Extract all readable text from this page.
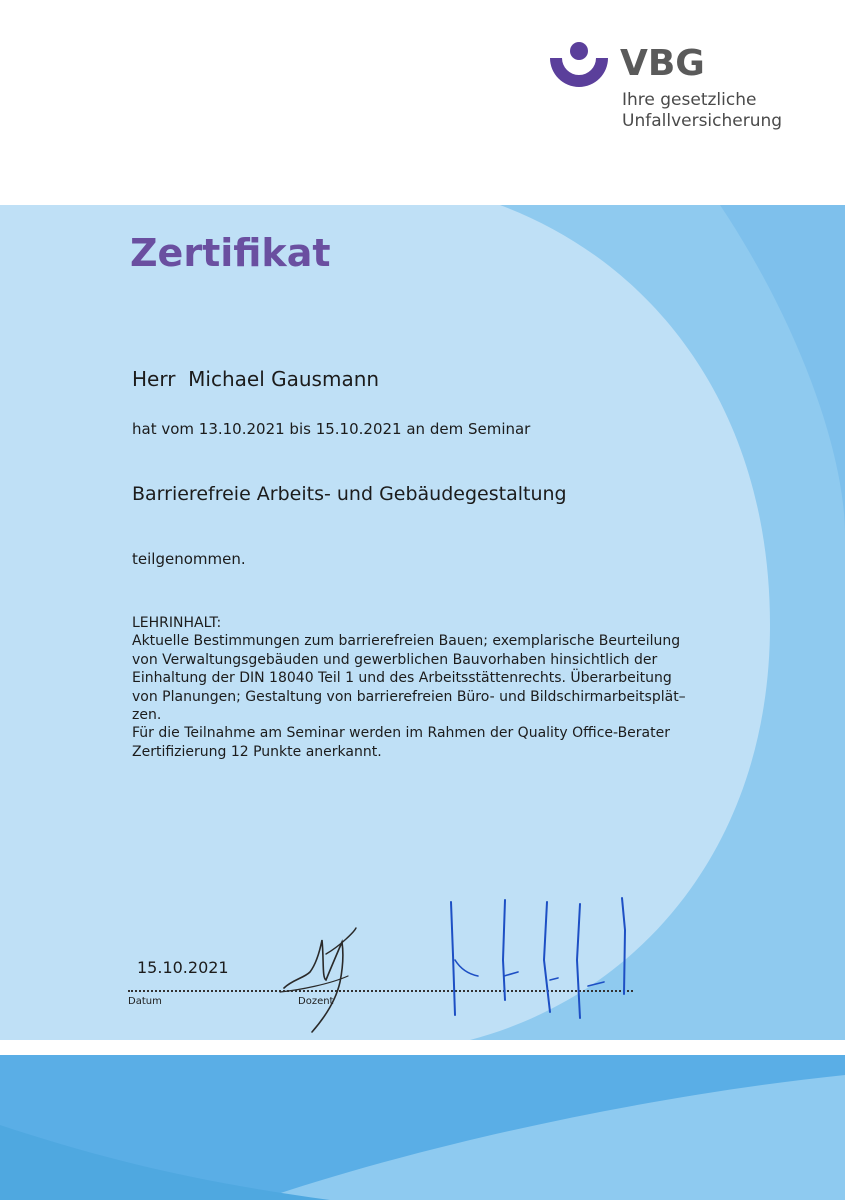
VBG
Ihre gesetzliche
Unfallversicherung
Zertifikat
Herr  Michael Gausmann
hat vom 13.10.2021 bis 15.10.2021 an dem Seminar
Barrierefreie Arbeits- und Gebäudegestaltung
teilgenommen.
LEHRINHALT:
Aktuelle Bestimmungen zum barrierefreien Bauen; exemplarische Beurteilung
von Verwaltungsgebäuden und gewerblichen Bauvorhaben hinsichtlich der
Einhaltung der DIN 18040 Teil 1 und des Arbeitsstättenrechts. Überarbeitung
von Planungen; Gestaltung von barrierefreien Büro- und Bildschirmarbeitsplät–
zen.
Für die Teilnahme am Seminar werden im Rahmen der Quality Office-Berater
Zertifizierung 12 Punkte anerkannt.
15.10.2021
Datum	Dozent
